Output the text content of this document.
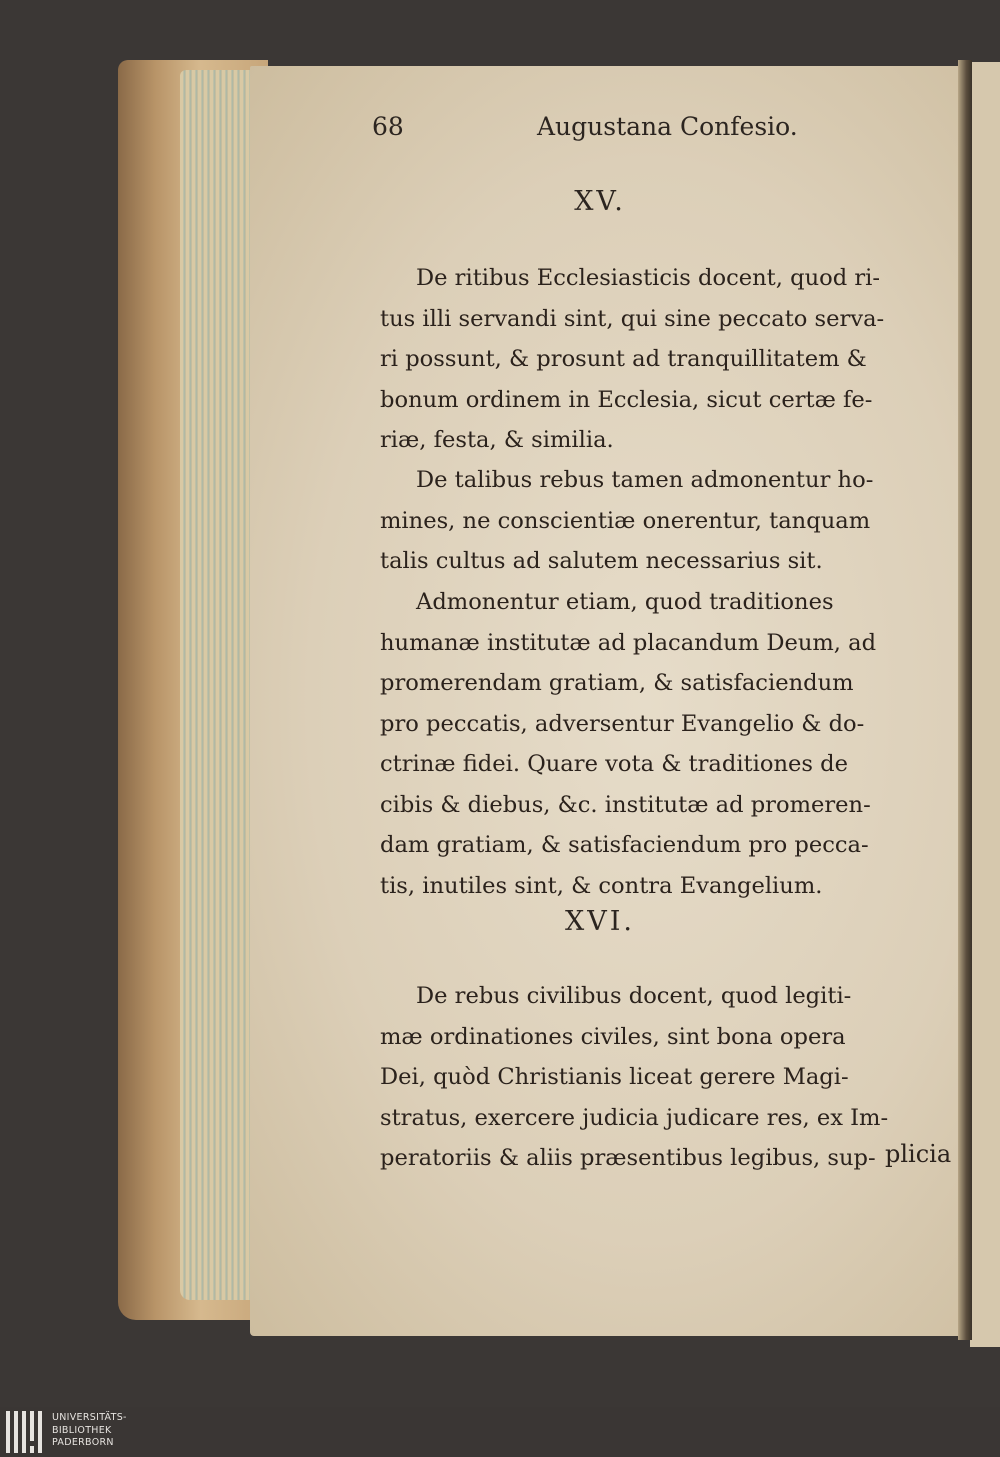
68	Augustana Confesio.
XV.
De ritibus Ecclesiasticis docent, quod ri-
tus illi servandi sint, qui sine peccato serva-
ri possunt, & prosunt ad tranquillitatem &
bonum ordinem in Ecclesia, sicut certæ fe-
riæ, festa, & similia.
De talibus rebus tamen admonentur ho-
mines, ne conscientiæ onerentur, tanquam
talis cultus ad salutem necessarius sit.
Admonentur etiam, quod traditiones
humanæ institutæ ad placandum Deum, ad
promerendam gratiam, & satisfaciendum
pro peccatis, adversentur Evangelio & do-
ctrinæ fidei. Quare vota & traditiones de
cibis & diebus, &c. institutæ ad promeren-
dam gratiam, & satisfaciendum pro pecca-
tis, inutiles sint, & contra Evangelium.
XVI.
De rebus civilibus docent, quod legiti-
mæ ordinationes civiles, sint bona opera
Dei, quòd Christianis liceat gerere Magi-
stratus, exercere judicia judicare res, ex Im-
peratoriis & aliis præsentibus legibus, sup- plicia
UNIVERSITÄTS-
BIBLIOTHEK
PADERBORN
